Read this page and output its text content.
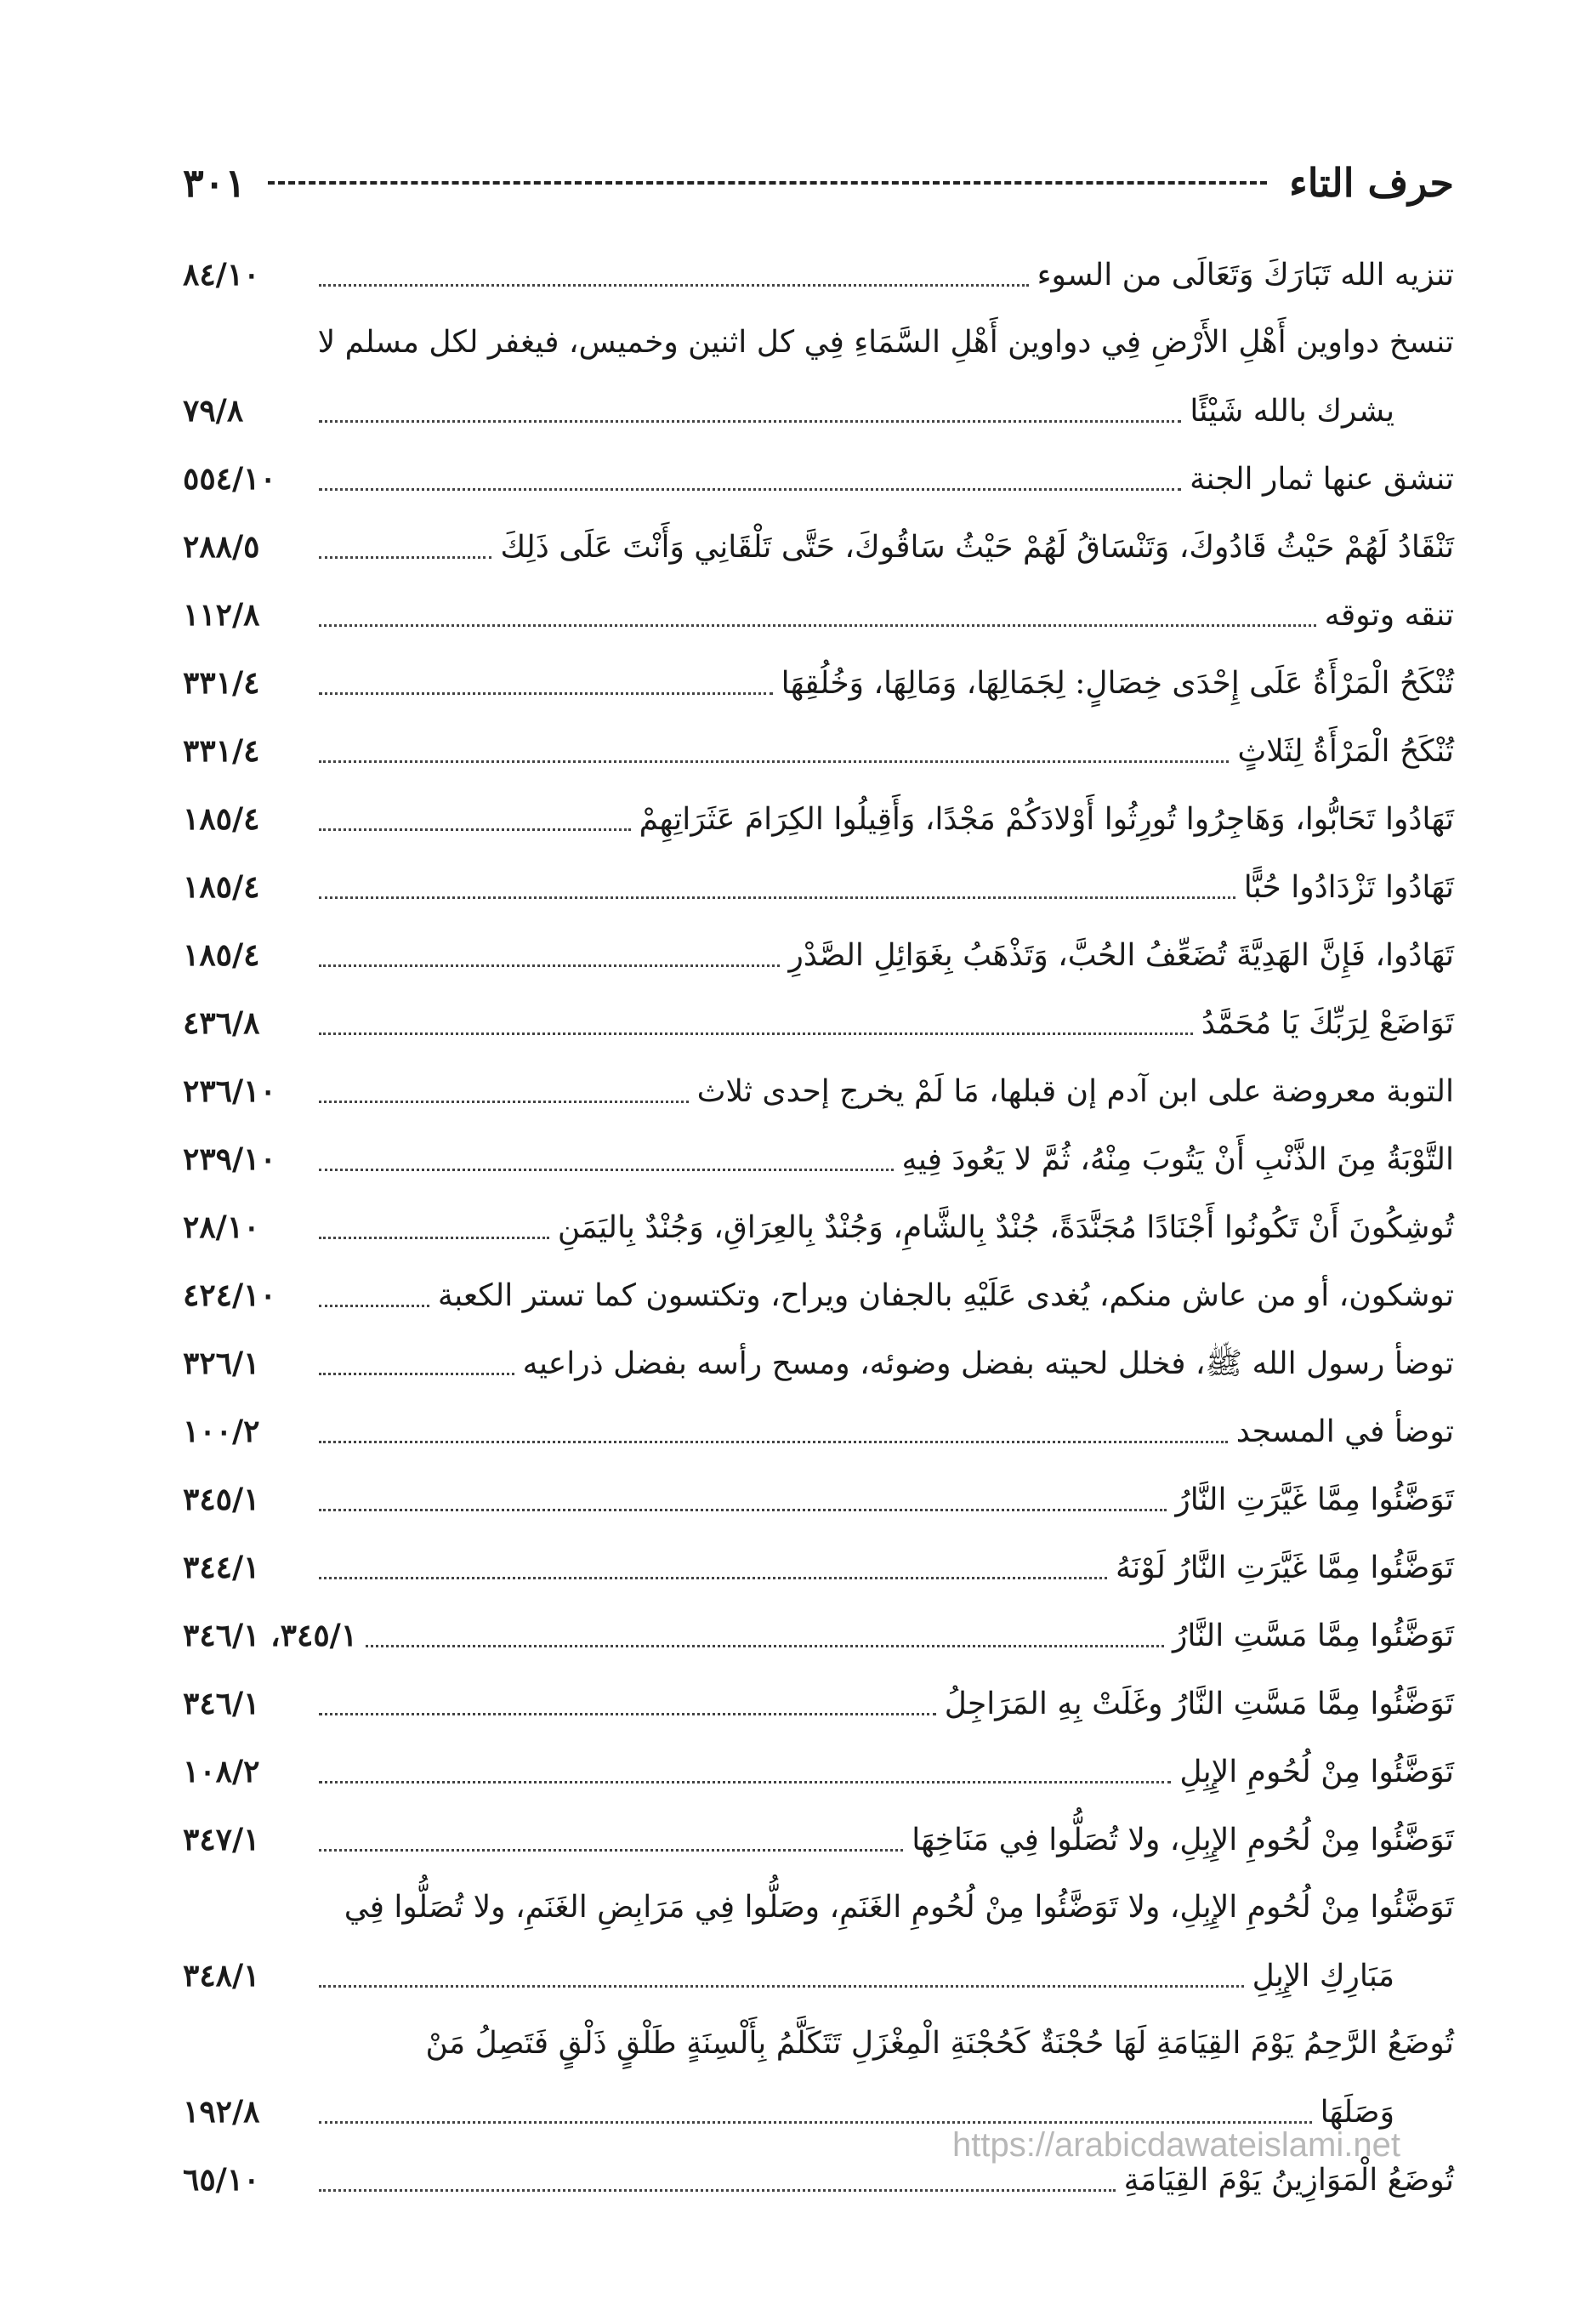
حرف التاء
٣٠١
تنزيه الله تَبَارَكَ وَتَعَالَى من السوء
٨٤/١٠
تنسخ دواوين أَهْلِ الأَرْضِ فِي دواوين أَهْلِ السَّمَاءِ فِي كل اثنين وخميس، فيغفر لكل مسلم لا
يشرك بالله شَيْئًا
٧٩/٨
تنشق عنها ثمار الجنة
٥٥٤/١٠
تَنْقَادُ لَهُمْ حَيْثُ قَادُوكَ، وَتَنْسَاقُ لَهُمْ حَيْثُ سَاقُوكَ، حَتَّى تَلْقَانِي وَأَنْتَ عَلَى ذَلِكَ
٢٨٨/٥
تنقه وتوقه
١١٢/٨
تُنْكَحُ الْمَرْأَةُ عَلَى إِحْدَى خِصَالٍ: لِجَمَالِهَا، وَمَالِهَا، وَخُلُقِهَا
٣٣١/٤
تُنْكَحُ الْمَرْأَةُ لِثَلاثٍ
٣٣١/٤
تَهَادُوا تَحَابُّوا، وَهَاجِرُوا تُورِثُوا أَوْلادَكُمْ مَجْدًا، وَأَقِيلُوا الكِرَامَ عَثَرَاتِهِمْ
١٨٥/٤
تَهَادُوا تَزْدَادُوا حُبًّا
١٨٥/٤
تَهَادُوا، فَإِنَّ الهَدِيَّةَ تُضَعِّفُ الحُبَّ، وَتَذْهَبُ بِغَوَائِلِ الصَّدْرِ
١٨٥/٤
تَوَاضَعْ لِرَبِّكَ يَا مُحَمَّدُ
٤٣٦/٨
التوبة معروضة على ابن آدم إن قبلها، مَا لَمْ يخرج إحدى ثلاث
٢٣٦/١٠
التَّوْبَةُ مِنَ الذَّنْبِ أَنْ يَتُوبَ مِنْهُ، ثُمَّ لا يَعُودَ فِيهِ
٢٣٩/١٠
تُوشِكُونَ أَنْ تَكُونُوا أَجْنَادًا مُجَنَّدَةً، جُنْدٌ بِالشَّامِ، وَجُنْدٌ بِالعِرَاقِ، وَجُنْدٌ بِاليَمَنِ
٢٨/١٠
توشكون، أو من عاش منكم، يُغدى عَلَيْهِ بالجفان ويراح، وتكتسون كما تستر الكعبة
٤٢٤/١٠
توضأ رسول الله ﷺ، فخلل لحيته بفضل وضوئه، ومسح رأسه بفضل ذراعيه
٣٢٦/١
توضأ في المسجد
١٠٠/٢
تَوَضَّئُوا مِمَّا غَيَّرَتِ النَّارُ
٣٤٥/١
تَوَضَّئُوا مِمَّا غَيَّرَتِ النَّارُ لَوْنَهُ
٣٤٤/١
تَوَضَّئُوا مِمَّا مَسَّتِ النَّارُ
٣٤٥/١، ٣٤٦/١
تَوَضَّئُوا مِمَّا مَسَّتِ النَّارُ وغَلَتْ بِهِ المَرَاجِلُ
٣٤٦/١
تَوَضَّئُوا مِنْ لُحُومِ الإِبِلِ
١٠٨/٢
تَوَضَّئُوا مِنْ لُحُومِ الإِبِلِ، ولا تُصَلُّوا فِي مَنَاخِهَا
٣٤٧/١
تَوَضَّئُوا مِنْ لُحُومِ الإِبِلِ، ولا تَوَضَّئُوا مِنْ لُحُومِ الغَنَمِ، وصَلُّوا فِي مَرَابِضِ الغَنَمِ، ولا تُصَلُّوا فِي
مَبَارِكِ الإِبِلِ
٣٤٨/١
تُوضَعُ الرَّحِمُ يَوْمَ القِيَامَةِ لَهَا حُجْنَةٌ كَحُجْنَةِ الْمِغْزَلِ تَتَكَلَّمُ بِأَلْسِنَةٍ طَلْقٍ ذَلْقٍ فَتَصِلُ مَنْ
وَصَلَهَا
١٩٢/٨
تُوضَعُ الْمَوَازِينُ يَوْمَ القِيَامَةِ
٦٥/١٠
https://arabicdawateislami.net
